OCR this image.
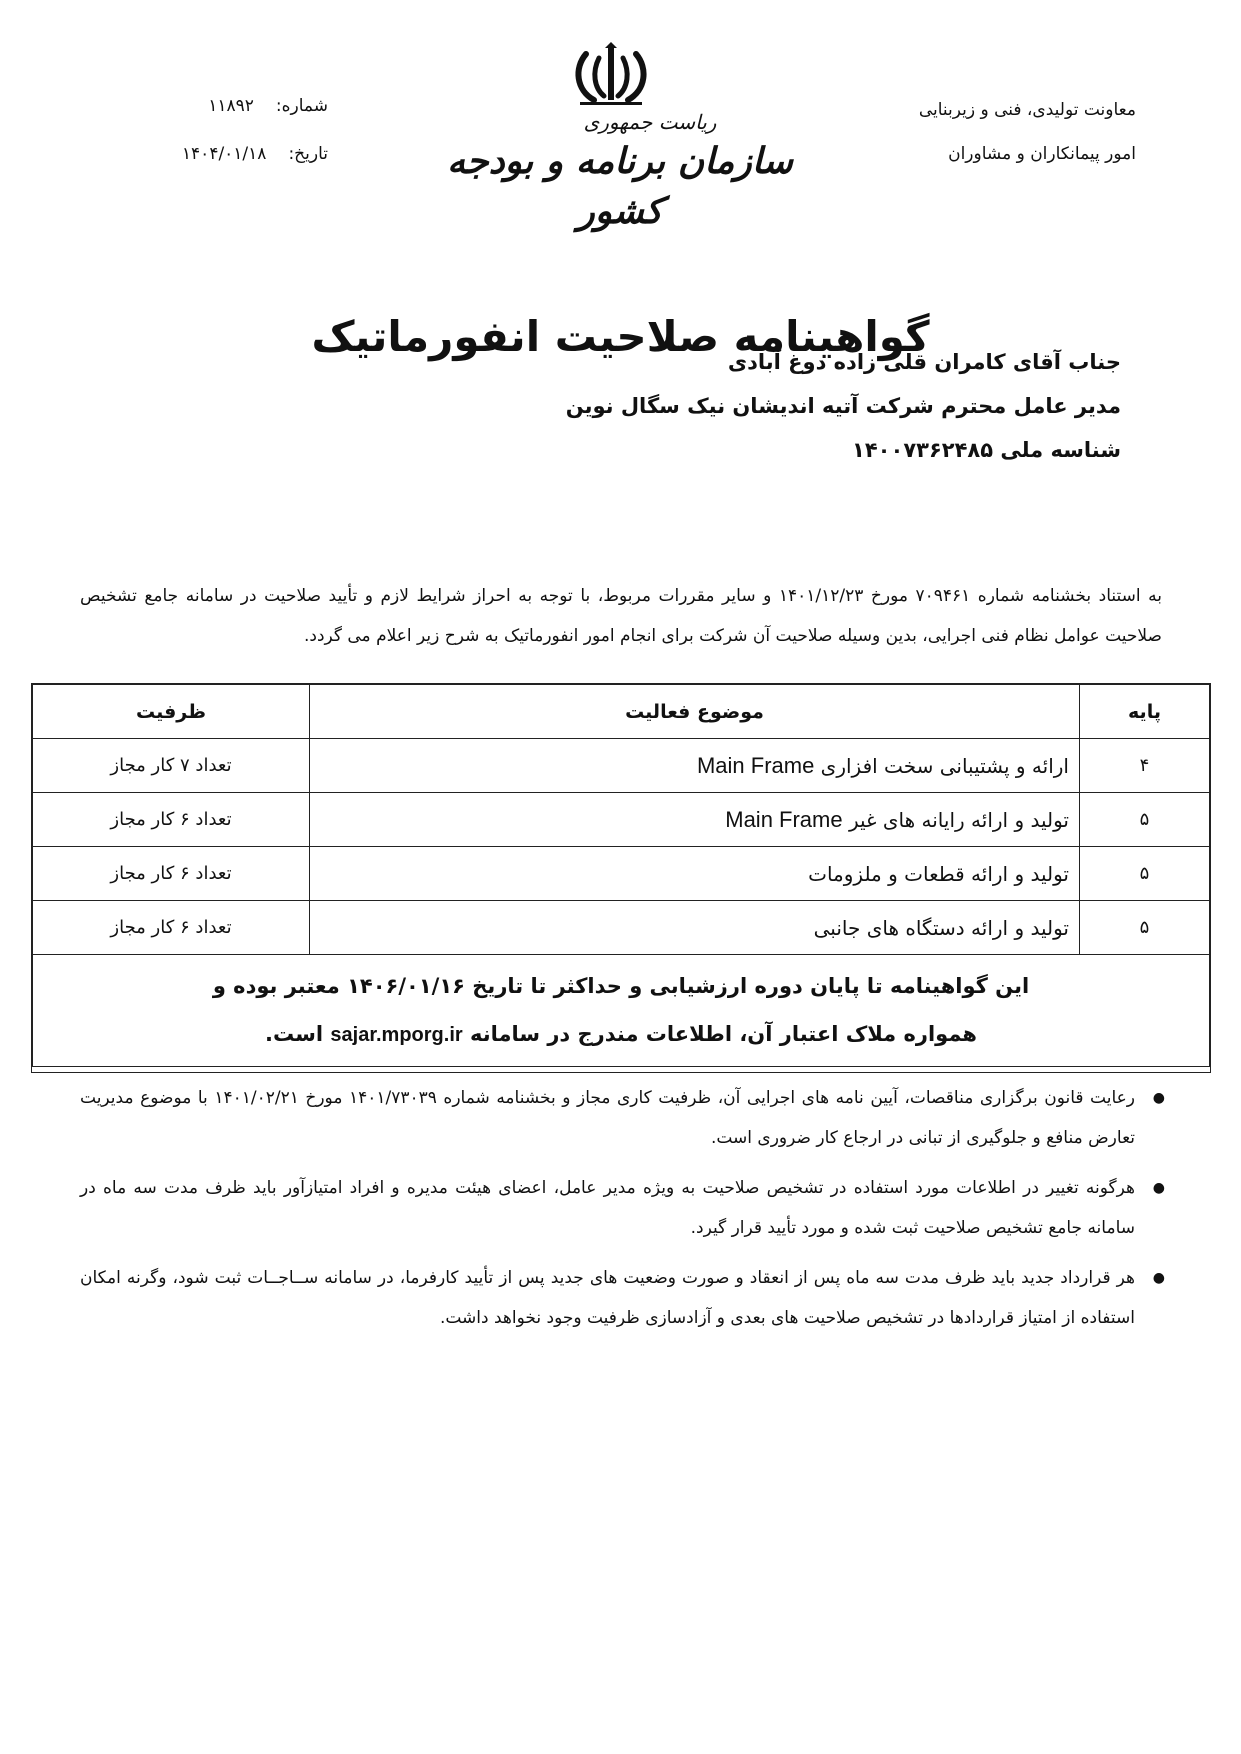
معاونت تولیدی، فنی و زیربنایی
امور پیمانکاران و مشاوران
شماره:
۱۱۸۹۲
تاریخ:
۱۴۰۴/۰۱/۱۸
ریاست جمهوری
سازمان برنامه و بودجه کشور
گواهینامه صلاحیت انفورماتیک
جناب آقای کامران قلی زاده دوغ آبادی
مدیر عامل محترم شرکت آتیه اندیشان نیک سگال نوین
شناسه ملی ۱۴۰۰۷۳۶۲۴۸۵
به استناد بخشنامه شماره ۷۰۹۴۶۱ مورخ ۱۴۰۱/۱۲/۲۳ و سایر مقررات مربوط، با توجه به احراز شرایط لازم و تأیید صلاحیت در سامانه جامع تشخیص صلاحیت عوامل نظام فنی اجرایی، بدین وسیله صلاحیت آن شرکت برای انجام امور انفورماتیک به شرح زیر اعلام می گردد.
پایه	موضوع فعالیت	ظرفیت
۴	ارائه و پشتیبانی سخت افزاری Main Frame	تعداد ۷ کار مجاز
۵	تولید و ارائه رایانه های غیر Main Frame	تعداد ۶ کار مجاز
۵	تولید و ارائه قطعات و ملزومات	تعداد ۶ کار مجاز
۵	تولید و ارائه دستگاه های جانبی	تعداد ۶ کار مجاز

این گواهینامه تا پایان دوره ارزشیابی و حداکثر تا تاریخ ۱۴۰۶/۰۱/۱۶ معتبر بوده و
همواره ملاک اعتبار آن، اطلاعات مندرج در سامانه sajar.mporg.ir است.		
●
رعایت قانون برگزاری مناقصات، آیین نامه های اجرایی آن، ظرفیت کاری مجاز و بخشنامه شماره ۱۴۰۱/۷۳۰۳۹ مورخ ۱۴۰۱/۰۲/۲۱ با موضوع مدیریت تعارض منافع و جلوگیری از تبانی در ارجاع کار ضروری است.
●
هرگونه تغییر در اطلاعات مورد استفاده در تشخیص صلاحیت به ویژه مدیر عامل، اعضای هیئت مدیره و افراد امتیازآور باید ظرف مدت سه ماه در سامانه جامع تشخیص صلاحیت ثبت شده و مورد تأیید قرار گیرد.
●
هر قرارداد جدید باید ظرف مدت سه ماه پس از انعقاد و صورت وضعیت های جدید پس از تأیید کارفرما، در سامانه ســاجــات ثبت شود، وگرنه امکان استفاده از امتیاز قراردادها در تشخیص صلاحیت های بعدی و آزادسازی ظرفیت وجود نخواهد داشت.
